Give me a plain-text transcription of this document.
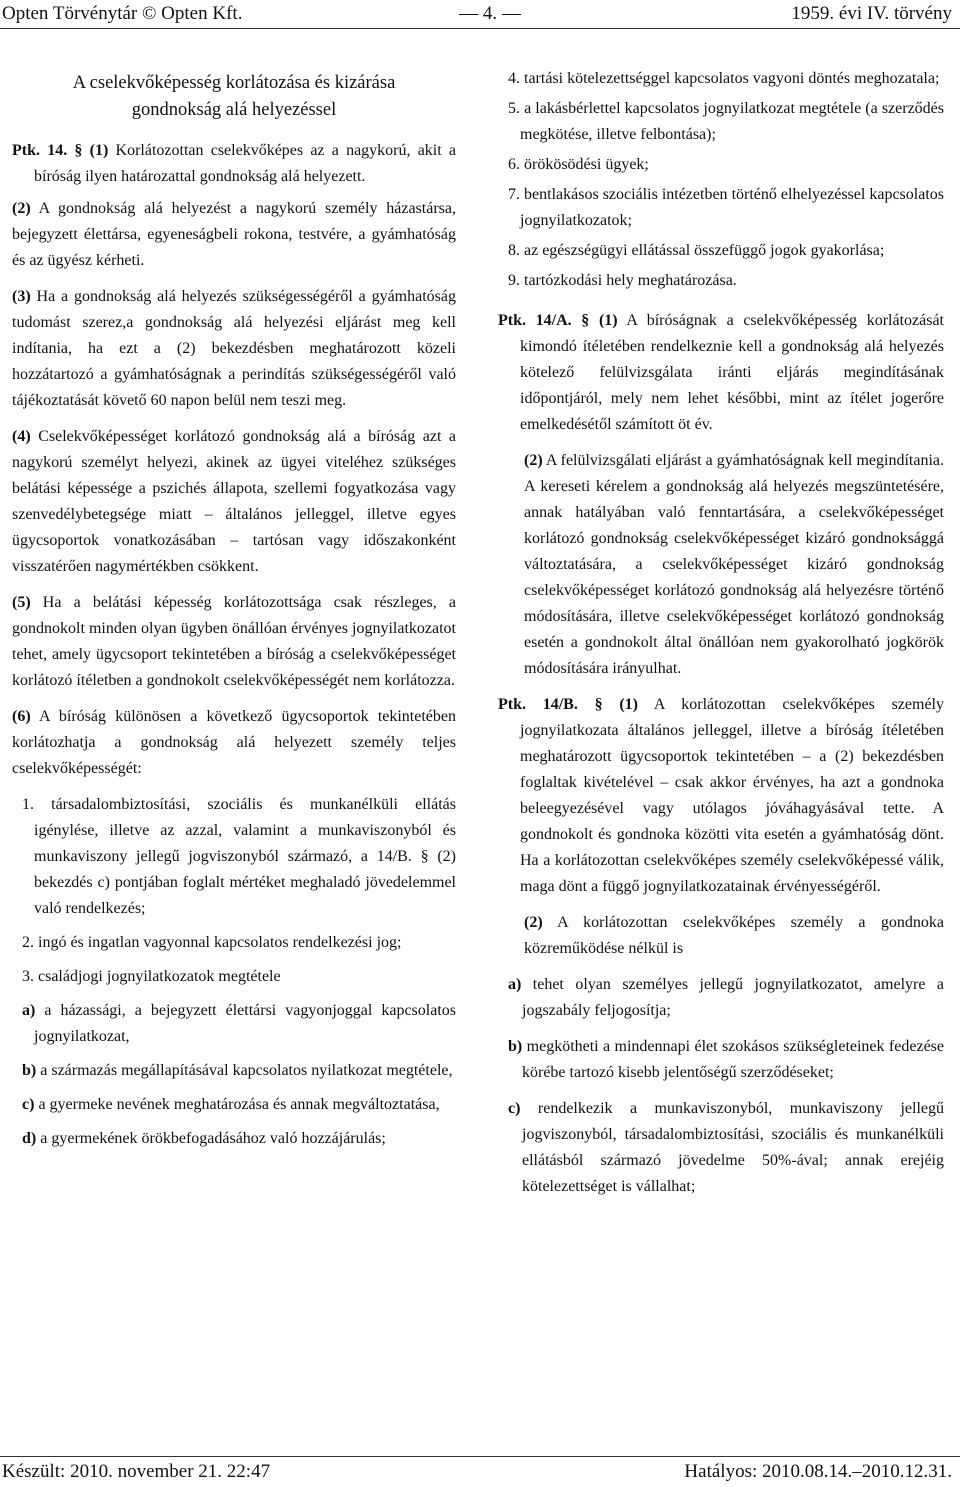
Opten Törvénytár © Opten Kft.	— 4. —	1959. évi IV. törvény
A cselekvőképesség korlátozása és kizárása
gondnokság alá helyezéssel

Ptk. 14. § (1) Korlátozottan cselekvőképes az a nagykorú, akit a bíróság ilyen határozattal gondnokság alá helyezett.

(2) A gondnokság alá helyezést a nagykorú személy házastársa, bejegyzett élettársa, egyeneságbeli rokona, testvére, a gyámhatóság és az ügyész kérheti.

(3) Ha a gondnokság alá helyezés szükségességéről a gyámhatóság tudomást szerez,a gondnokság alá helyezési eljárást meg kell indítania, ha ezt a (2) bekezdésben meghatározott közeli hozzátartozó a gyámhatóságnak a perindítás szükségességéről való tájékoztatását követő 60 napon belül nem teszi meg.

(4) Cselekvőképességet korlátozó gondnokság alá a bíróság azt a nagykorú személyt helyezi, akinek az ügyei viteléhez szükséges belátási képessége a pszichés állapota, szellemi fogyatkozása vagy szenvedélybetegsége miatt – általános jelleggel, illetve egyes ügycsoportok vonatkozásában – tartósan vagy időszakonként visszatérően nagymértékben csökkent.

(5) Ha a belátási képesség korlátozottsága csak részleges, a gondnokolt minden olyan ügyben önállóan érvényes jognyilatkozatot tehet, amely ügycsoport tekintetében a bíróság a cselekvőképességet korlátozó ítéletben a gondnokolt cselekvőképességét nem korlátozza.

(6) A bíróság különösen a következő ügycsoportok tekintetében korlátozhatja a gondnokság alá helyezett személy teljes cselekvőképességét:

1. társadalombiztosítási, szociális és munkanélküli ellátás igénylése, illetve az azzal, valamint a munkaviszonyból és munkaviszony jellegű jogviszonyból származó, a 14/B. § (2) bekezdés c) pontjában foglalt mértéket meghaladó jövedelemmel való rendelkezés;

2. ingó és ingatlan vagyonnal kapcsolatos rendelkezési jog;

3. családjogi jognyilatkozatok megtétele

a) a házassági, a bejegyzett élettársi vagyonjoggal kapcsolatos jognyilatkozat,

b) a származás megállapításával kapcsolatos nyilatkozat megtétele,

c) a gyermeke nevének meghatározása és annak megváltoztatása,

d) a gyermekének örökbefogadásához való hozzájárulás;

4. tartási kötelezettséggel kapcsolatos vagyoni döntés meghozatala;

5. a lakásbérlettel kapcsolatos jognyilatkozat megtétele (a szerződés megkötése, illetve felbontása);

6. örökösödési ügyek;

7. bentlakásos szociális intézetben történő elhelyezéssel kapcsolatos jognyilatkozatok;

8. az egészségügyi ellátással összefüggő jogok gyakorlása;

9. tartózkodási hely meghatározása.

Ptk. 14/A. § (1) A bíróságnak a cselekvőképesség korlátozását kimondó ítéletében rendelkeznie kell a gondnokság alá helyezés kötelező felülvizsgálata iránti eljárás megindításának időpontjáról, mely nem lehet későbbi, mint az ítélet jogerőre emelkedésétől számított öt év.

(2) A felülvizsgálati eljárást a gyámhatóságnak kell megindítania. A kereseti kérelem a gondnokság alá helyezés megszüntetésére, annak hatályában való fenntartására, a cselekvőképességet korlátozó gondnokság cselekvőképességet kizáró gondnoksággá változtatására, a cselekvőképességet kizáró gondnokság cselekvőképességet korlátozó gondnokság alá helyezésre történő módosítására, illetve cselekvőképességet korlátozó gondnokság esetén a gondnokolt által önállóan nem gyakorolható jogkörök módosítására irányulhat.

Ptk. 14/B. § (1) A korlátozottan cselekvőképes személy jognyilatkozata általános jelleggel, illetve a bíróság ítéletében meghatározott ügycsoportok tekintetében – a (2) bekezdésben foglaltak kivételével – csak akkor érvényes, ha azt a gondnoka beleegyezésével vagy utólagos jóváhagyásával tette. A gondnokolt és gondnoka közötti vita esetén a gyámhatóság dönt. Ha a korlátozottan cselekvőképes személy cselekvőképessé válik, maga dönt a függő jognyilatkozatainak érvényességéről.

(2) A korlátozottan cselekvőképes személy a gondnoka közreműködése nélkül is

a) tehet olyan személyes jellegű jognyilatkozatot, amelyre a jogszabály feljogosítja;

b) megkötheti a mindennapi élet szokásos szükségleteinek fedezése körébe tartozó kisebb jelentőségű szerződéseket;

c) rendelkezik a munkaviszonyból, munkaviszony jellegű jogviszonyból, társadalombiztosítási, szociális és munkanélküli ellátásból származó jövedelme 50%-ával; annak erejéig kötelezettséget is vállalhat;

Készült: 2010. november 21. 22:47	Hatályos: 2010.08.14.–2010.12.31.
